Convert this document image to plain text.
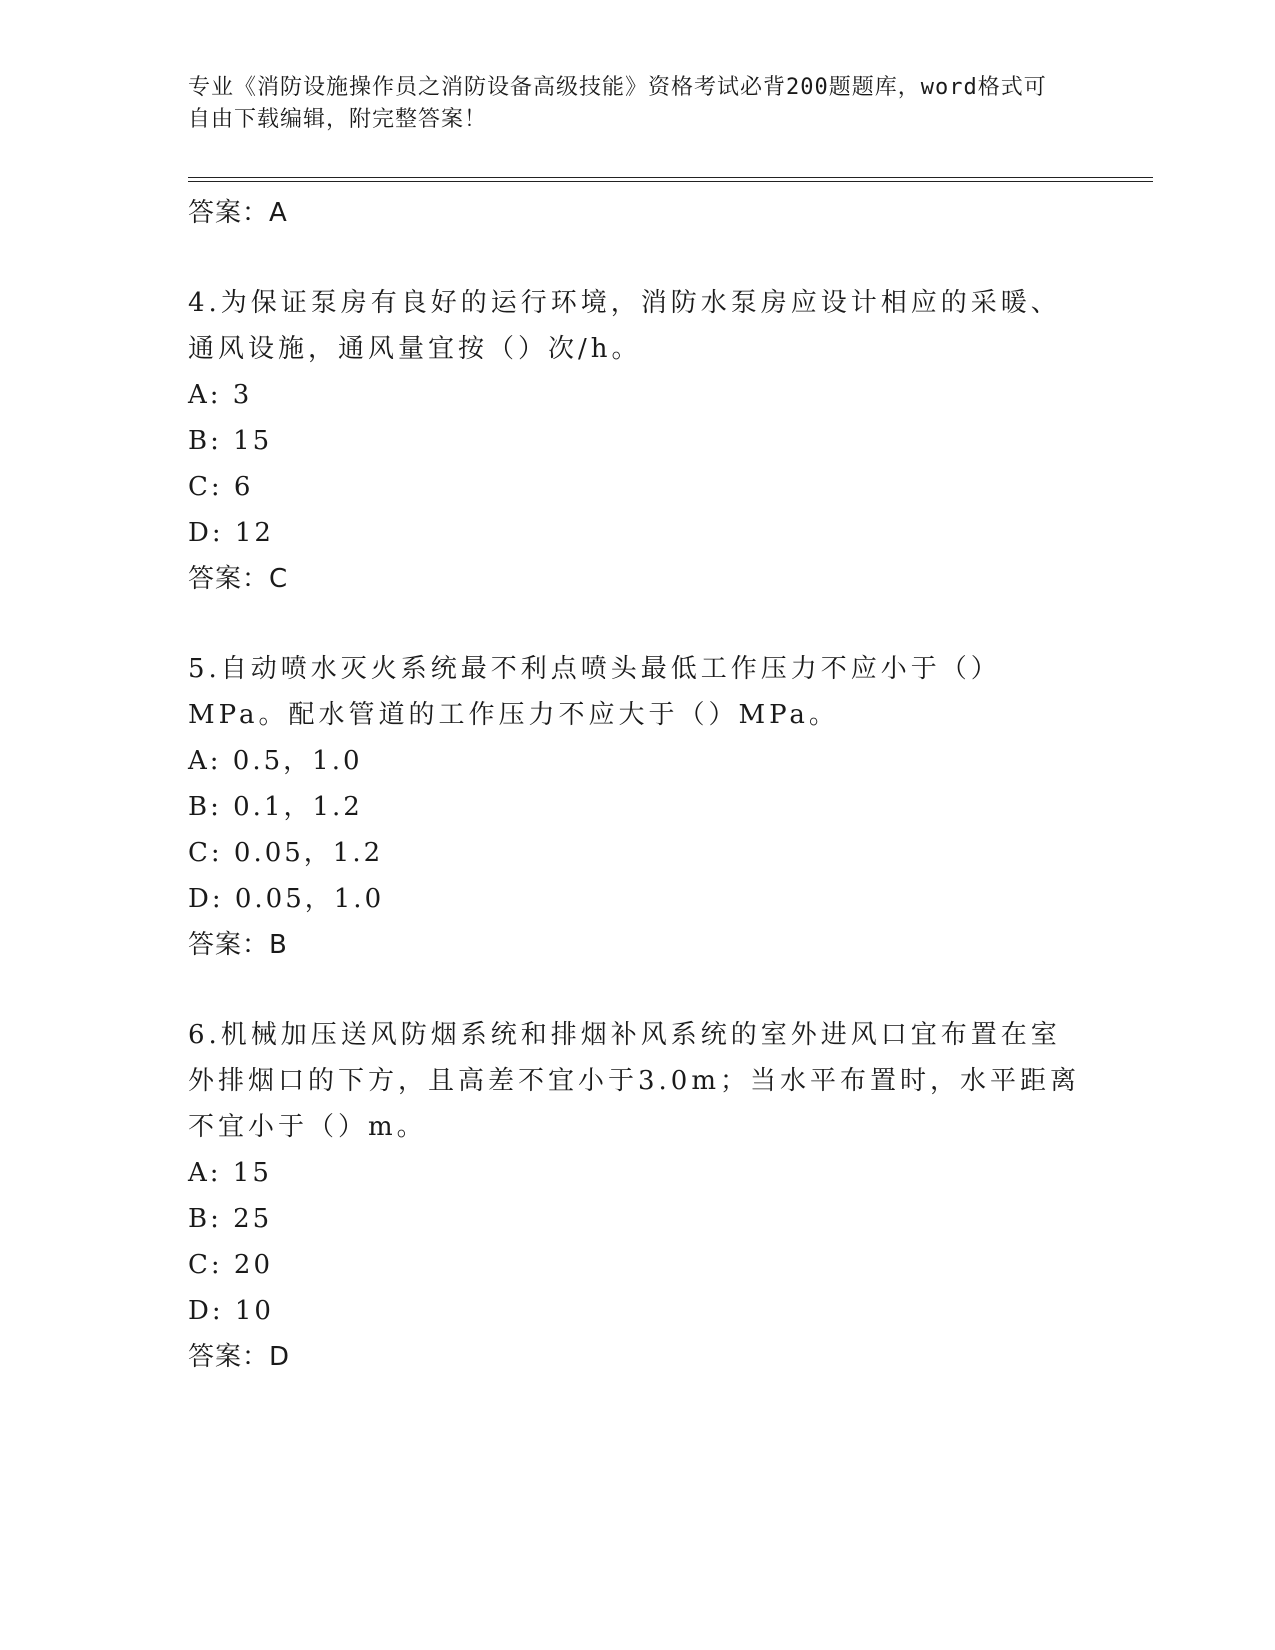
专业《消防设施操作员之消防设备高级技能》资格考试必背200题题库，word格式可自由下载编辑，附完整答案！

答案：A

4.为保证泵房有良好的运行环境，消防水泵房应设计相应的采暖、通风设施，通风量宜按（）次/h。

A: 3
B: 15
C: 6
D: 12
答案：C

5.自动喷水灭火系统最不利点喷头最低工作压力不应小于（）MPa。配水管道的工作压力不应大于（）MPa。

A: 0.5，1.0
B: 0.1，1.2
C: 0.05，1.2
D: 0.05，1.0
答案：B

6.机械加压送风防烟系统和排烟补风系统的室外进风口宜布置在室外排烟口的下方，且高差不宜小于3.0m；当水平布置时，水平距离不宜小于（）m。

A: 15
B: 25
C: 20
D: 10
答案：D
